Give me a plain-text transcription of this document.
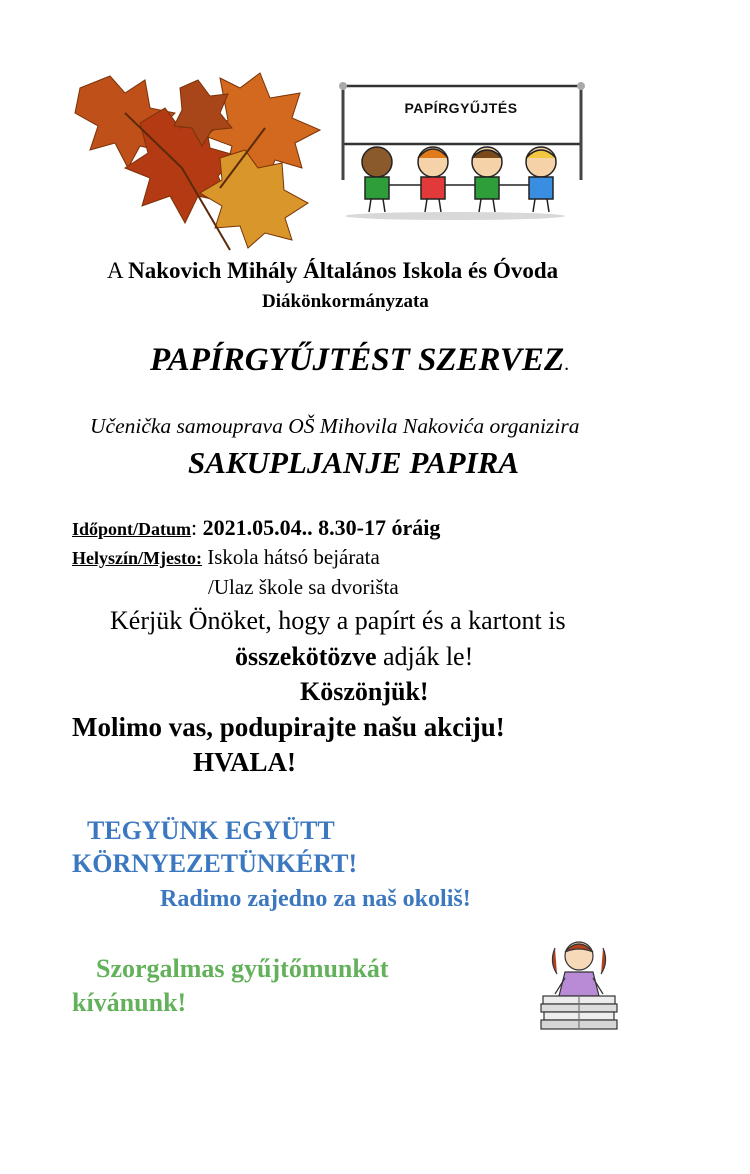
PAPÍRGYŰJTÉS
A Nakovich Mihály Általános Iskola és Óvoda
Diákönkormányzata
PAPÍRGYŰJTÉST SZERVEZ.
Učenička samouprava OŠ Mihovila Nakovića organizira
SAKUPLJANJE PAPIRA
Időpont/Datum: 2021.05.04.. 8.30-17 óráig
Helyszín/Mjesto: Iskola hátsó bejárata
/Ulaz škole sa dvorišta
Kérjük Önöket, hogy a papírt és a kartont is
összekötözve adják le!
Köszönjük!
Molimo vas, podupirajte našu akciju!
HVALA!
TEGYÜNK EGYÜTT
KÖRNYEZETÜNKÉRT!
Radimo zajedno za naš okoliš!
Szorgalmas gyűjtőmunkát
kívánunk!
